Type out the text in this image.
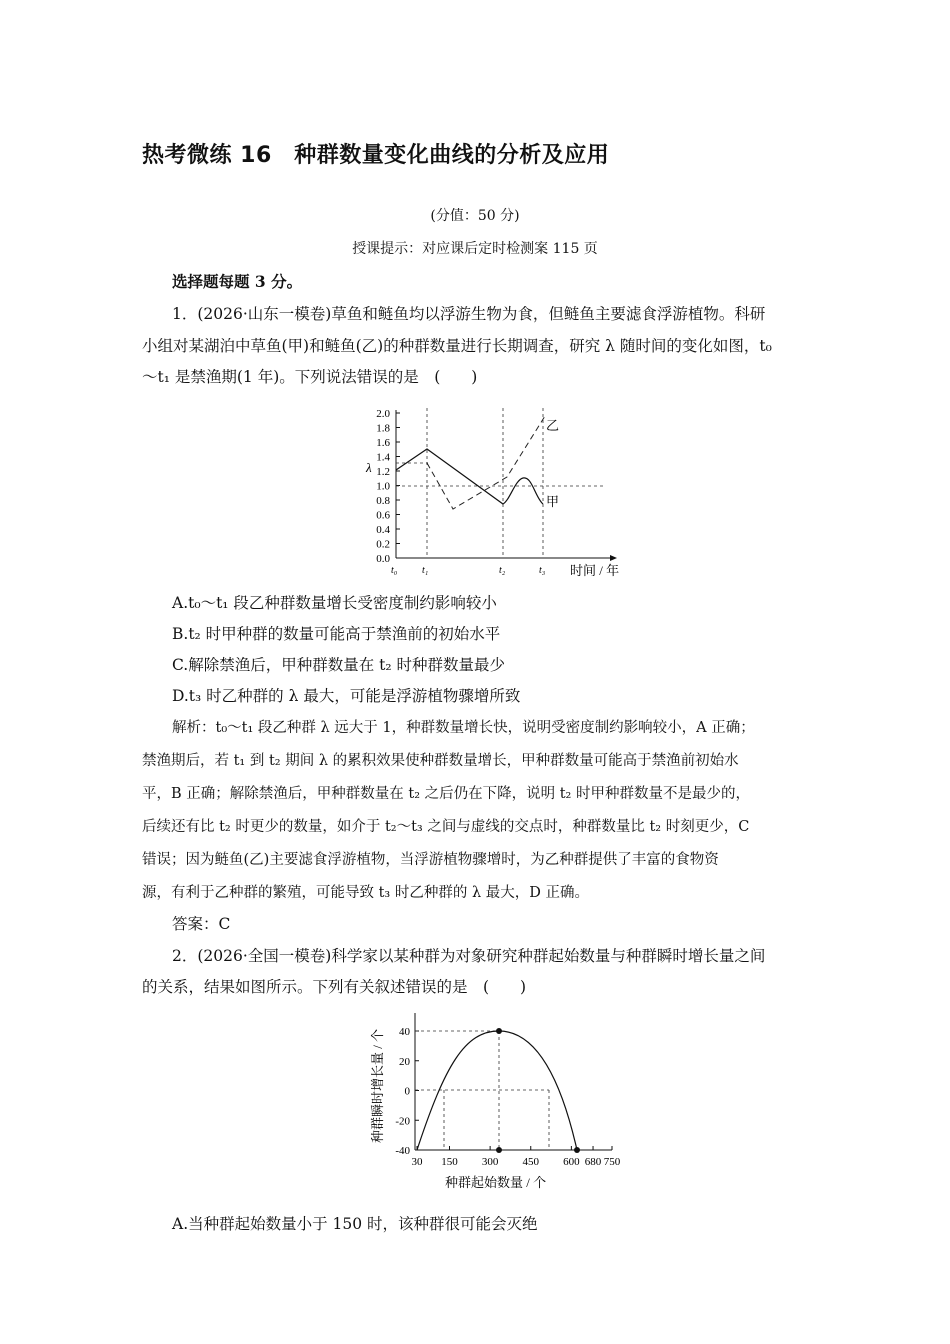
热考微练 16　种群数量变化曲线的分析及应用
(分值：50 分)
授课提示：对应课后定时检测案 115 页
选择题每题 3 分。
1．(2026·山东一模卷)草鱼和鲢鱼均以浮游生物为食，但鲢鱼主要滤食浮游植物。科研
小组对某湖泊中草鱼(甲)和鲢鱼(乙)的种群数量进行长期调查，研究 λ 随时间的变化如图，t₀
～t₁ 是禁渔期(1 年)。下列说法错误的是　(　　)
0.0
0.2
0.4
0.6
0.8
1.0
1.2
1.4
1.6
1.8
2.0
λ
乙
甲
t₀ t₁	t₂	t₃ 时间 / 年
A.t₀～t₁ 段乙种群数量增长受密度制约影响较小
B.t₂ 时甲种群的数量可能高于禁渔前的初始水平
C.解除禁渔后，甲种群数量在 t₂ 时种群数量最少
D.t₃ 时乙种群的 λ 最大，可能是浮游植物骤增所致
解析：t₀～t₁ 段乙种群 λ 远大于 1，种群数量增长快，说明受密度制约影响较小，A 正确；
禁渔期后，若 t₁ 到 t₂ 期间 λ 的累积效果使种群数量增长，甲种群数量可能高于禁渔前初始水
平，B 正确；解除禁渔后，甲种群数量在 t₂ 之后仍在下降，说明 t₂ 时甲种群数量不是最少的，
后续还有比 t₂ 时更少的数量，如介于 t₂～t₃ 之间与虚线的交点时，种群数量比 t₂ 时刻更少，C
错误；因为鲢鱼(乙)主要滤食浮游植物，当浮游植物骤增时，为乙种群提供了丰富的食物资
源，有利于乙种群的繁殖，可能导致 t₃ 时乙种群的 λ 最大，D 正确。
答案：C
2．(2026·全国一模卷)科学家以某种群为对象研究种群起始数量与种群瞬时增长量之间
的关系，结果如图所示。下列有关叙述错误的是　(　　)
-40
-20
0
20
40
30 150 300 450 600 680 750
种群瞬时增长量 / 个
种群起始数量 / 个
A.当种群起始数量小于 150 时，该种群很可能会灭绝
